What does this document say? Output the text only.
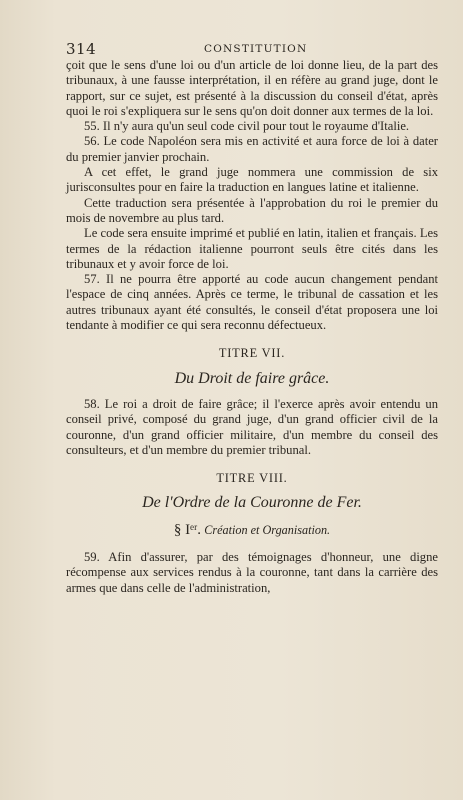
314	CONSTITUTION

çoit que le sens d'une loi ou d'un article de loi donne lieu, de la part des tribunaux, à une fausse interprétation, il en réfère au grand juge, dont le rapport, sur ce sujet, est présenté à la discussion du conseil d'état, après quoi le roi s'expliquera sur le sens qu'on doit donner aux termes de la loi.

55. Il n'y aura qu'un seul code civil pour tout le royaume d'Italie.

56. Le code Napoléon sera mis en activité et aura force de loi à dater du premier janvier prochain.

A cet effet, le grand juge nommera une commission de six jurisconsultes pour en faire la traduction en langues latine et italienne.

Cette traduction sera présentée à l'approbation du roi le premier du mois de novembre au plus tard.

Le code sera ensuite imprimé et publié en latin, italien et français. Les termes de la rédaction italienne pourront seuls être cités dans les tribunaux et y avoir force de loi.

57. Il ne pourra être apporté au code aucun changement pendant l'espace de cinq années. Après ce terme, le tribunal de cassation et les autres tribunaux ayant été consultés, le conseil d'état proposera une loi tendante à modifier ce qui sera reconnu défectueux.

TITRE VII.

Du Droit de faire grâce.

58. Le roi a droit de faire grâce; il l'exerce après avoir entendu un conseil privé, composé du grand juge, d'un grand officier civil de la couronne, d'un grand officier militaire, d'un membre du conseil des consulteurs, et d'un membre du premier tribunal.

TITRE VIII.

De l'Ordre de la Couronne de Fer.

§ Iᵉʳ. Création et Organisation.

59. Afin d'assurer, par des témoignages d'honneur, une digne récompense aux services rendus à la couronne, tant dans la carrière des armes que dans celle de l'administration,
